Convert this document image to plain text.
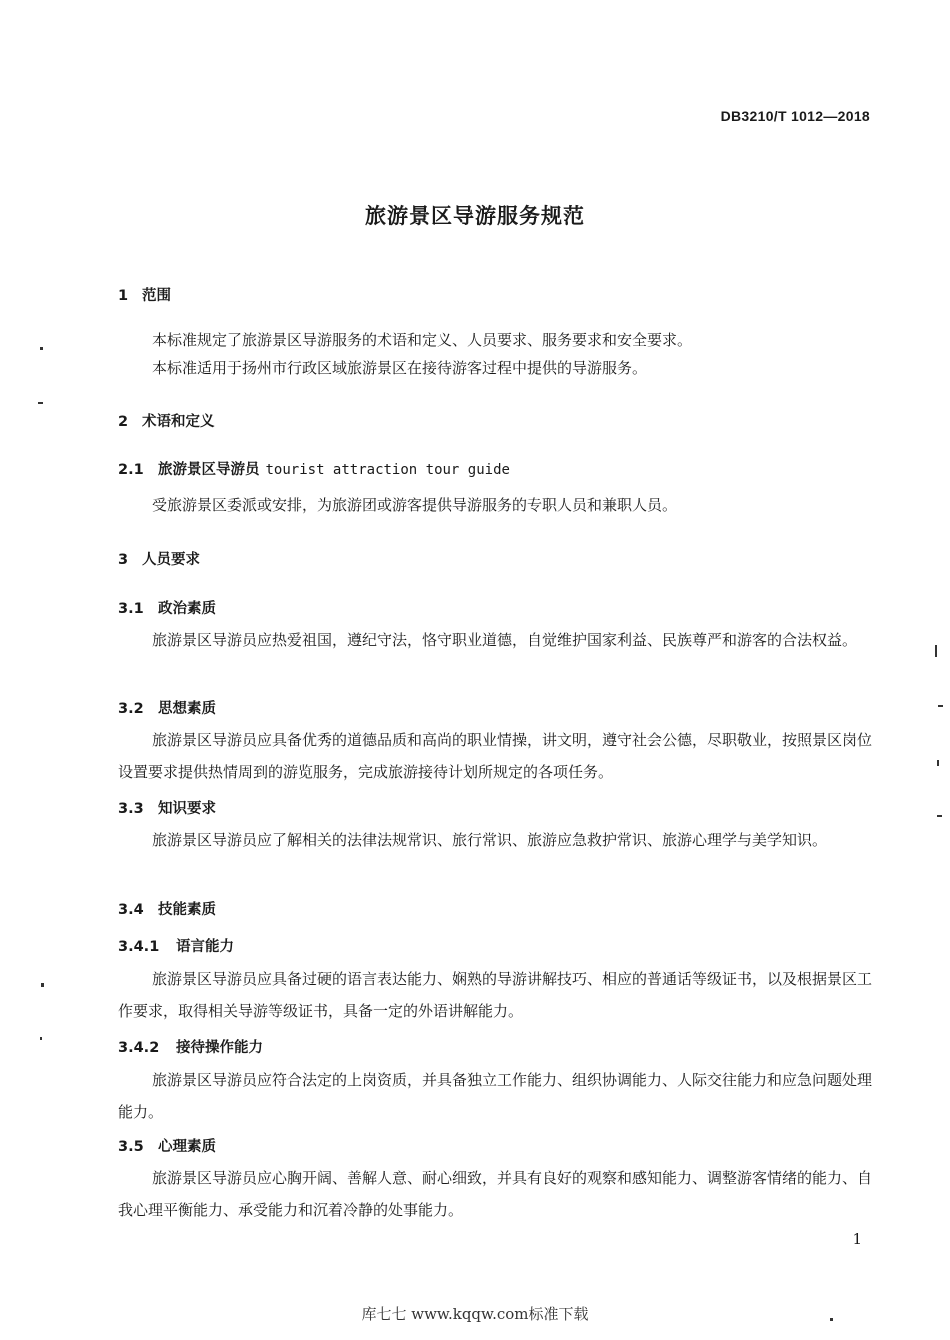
DB3210/T 1012—2018
旅游景区导游服务规范
1 范围
本标准规定了旅游景区导游服务的术语和定义、人员要求、服务要求和安全要求。
本标准适用于扬州市行政区域旅游景区在接待游客过程中提供的导游服务。
2 术语和定义
2.1 旅游景区导游员 tourist attraction tour guide
受旅游景区委派或安排，为旅游团或游客提供导游服务的专职人员和兼职人员。
3 人员要求
3.1 政治素质
旅游景区导游员应热爱祖国，遵纪守法，恪守职业道德，自觉维护国家利益、民族尊严和游客的合法权益。
3.2 思想素质
旅游景区导游员应具备优秀的道德品质和高尚的职业情操，讲文明，遵守社会公德，尽职敬业，按照景区岗位设置要求提供热情周到的游览服务，完成旅游接待计划所规定的各项任务。
3.3 知识要求
旅游景区导游员应了解相关的法律法规常识、旅行常识、旅游应急救护常识、旅游心理学与美学知识。
3.4 技能素质
3.4.1 语言能力
旅游景区导游员应具备过硬的语言表达能力、娴熟的导游讲解技巧、相应的普通话等级证书，以及根据景区工作要求，取得相关导游等级证书，具备一定的外语讲解能力。
3.4.2 接待操作能力
旅游景区导游员应符合法定的上岗资质，并具备独立工作能力、组织协调能力、人际交往能力和应急问题处理能力。
3.5 心理素质
旅游景区导游员应心胸开阔、善解人意、耐心细致，并具有良好的观察和感知能力、调整游客情绪的能力、自我心理平衡能力、承受能力和沉着冷静的处事能力。
1
库七七 www.kqqw.com标准下载
